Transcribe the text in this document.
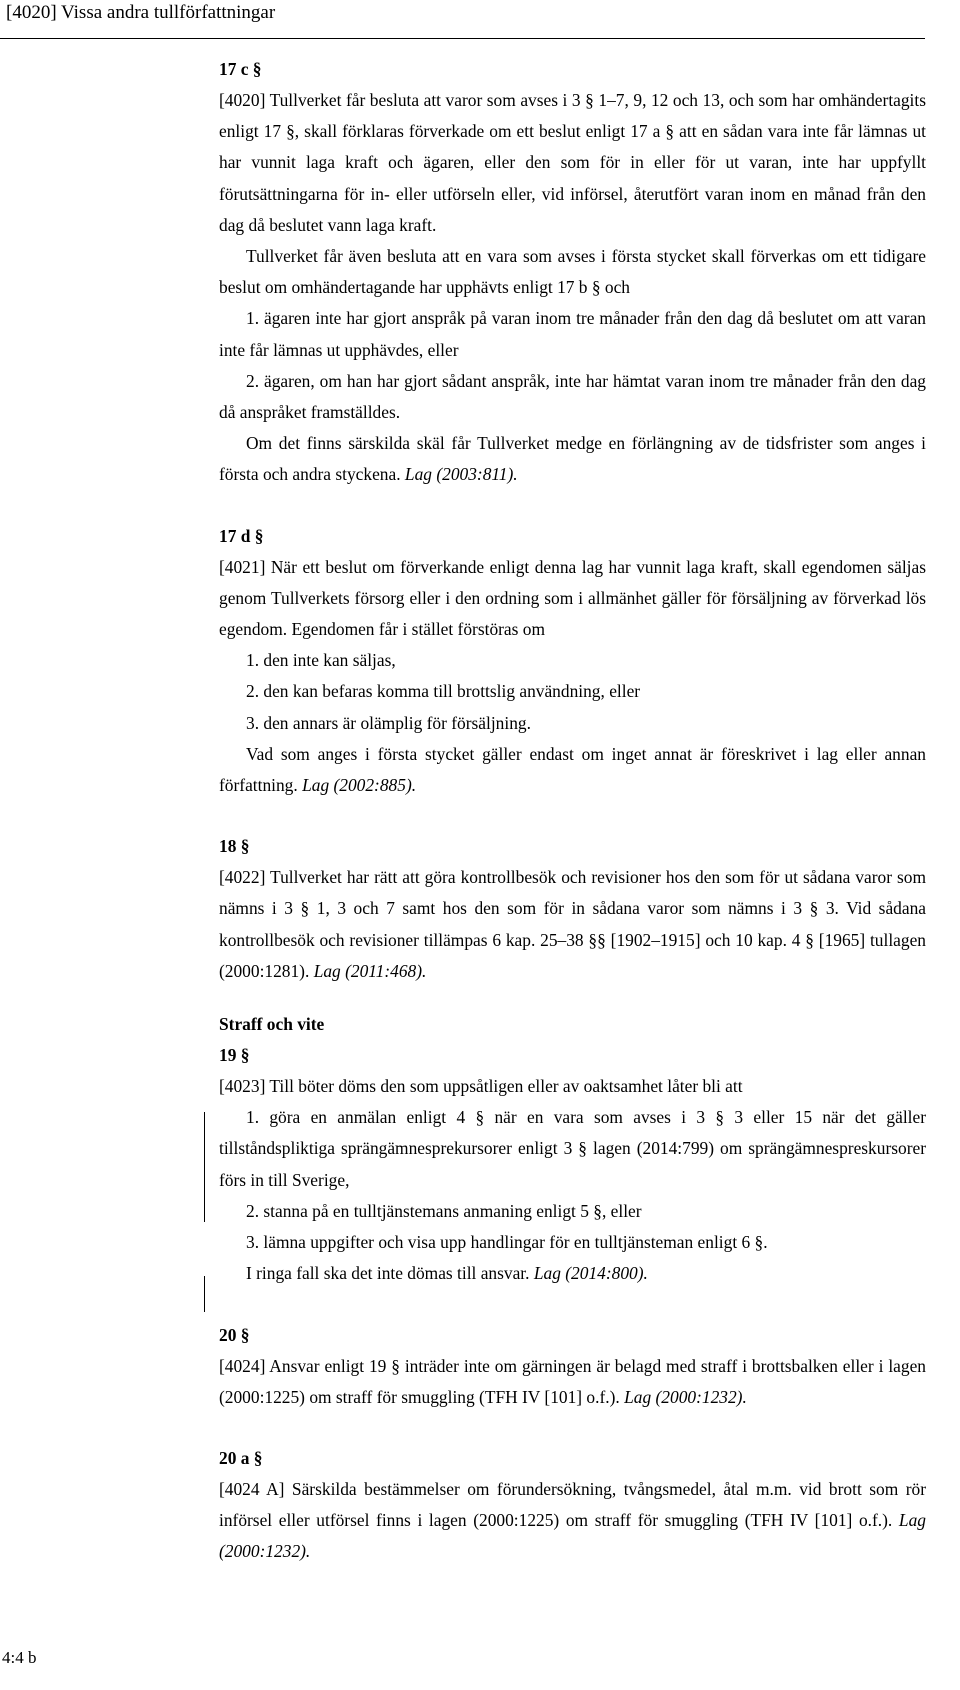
[4020] Vissa andra tullförfattningar
17 c §
[4020] Tullverket får besluta att varor som avses i 3 § 1–7, 9, 12 och 13, och som har omhändertagits enligt 17 §, skall förklaras förverkade om ett beslut enligt 17 a § att en sådan vara inte får lämnas ut har vunnit laga kraft och ägaren, eller den som för in eller för ut varan, inte har uppfyllt förutsättningarna för in- eller utförseln eller, vid införsel, återutfört varan inom en månad från den dag då beslutet vann laga kraft.
Tullverket får även besluta att en vara som avses i första stycket skall förverkas om ett tidigare beslut om omhändertagande har upphävts enligt 17 b § och
1. ägaren inte har gjort anspråk på varan inom tre månader från den dag då beslutet om att varan inte får lämnas ut upphävdes, eller
2. ägaren, om han har gjort sådant anspråk, inte har hämtat varan inom tre månader från den dag då anspråket framställdes.
Om det finns särskilda skäl får Tullverket medge en förlängning av de tidsfrister som anges i första och andra styckena. Lag (2003:811).
17 d §
[4021] När ett beslut om förverkande enligt denna lag har vunnit laga kraft, skall egendomen säljas genom Tullverkets försorg eller i den ordning som i allmänhet gäller för försäljning av förverkad lös egendom. Egendomen får i stället förstöras om
1. den inte kan säljas,
2. den kan befaras komma till brottslig användning, eller
3. den annars är olämplig för försäljning.
Vad som anges i första stycket gäller endast om inget annat är föreskrivet i lag eller annan författning. Lag (2002:885).
18 §
[4022] Tullverket har rätt att göra kontrollbesök och revisioner hos den som för ut sådana varor som nämns i 3 § 1, 3 och 7 samt hos den som för in sådana varor som nämns i 3 § 3. Vid sådana kontrollbesök och revisioner tillämpas 6 kap. 25–38 §§ [1902–1915] och 10 kap. 4 § [1965] tullagen (2000:1281). Lag (2011:468).
Straff och vite
19 §
[4023] Till böter döms den som uppsåtligen eller av oaktsamhet låter bli att
1. göra en anmälan enligt 4 § när en vara som avses i 3 § 3 eller 15 när det gäller tillståndspliktiga sprängämnesprekursorer enligt 3 § lagen (2014:799) om sprängämnespreskursorer förs in till Sverige,
2. stanna på en tulltjänstemans anmaning enligt 5 §, eller
3. lämna uppgifter och visa upp handlingar för en tulltjänsteman enligt 6 §.
I ringa fall ska det inte dömas till ansvar. Lag (2014:800).
20 §
[4024] Ansvar enligt 19 § inträder inte om gärningen är belagd med straff i brottsbalken eller i lagen (2000:1225) om straff för smuggling (TFH IV [101] o.f.). Lag (2000:1232).
20 a §
[4024 A] Särskilda bestämmelser om förundersökning, tvångsmedel, åtal m.m. vid brott som rör införsel eller utförsel finns i lagen (2000:1225) om straff för smuggling (TFH IV [101] o.f.). Lag (2000:1232).
4:4 b
